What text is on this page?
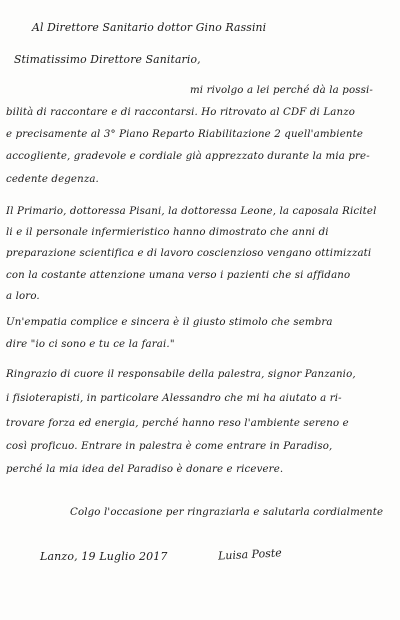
Al Direttore Sanitario dottor Gino Rassini
Stimatissimo Direttore Sanitario,
mi rivolgo a lei perché dà la possi-
bilità di raccontare e di raccontarsi. Ho ritrovato al CDF di Lanzo
e precisamente al 3° Piano Reparto Riabilitazione 2 quell'ambiente
accogliente, gradevole e cordiale già apprezzato durante la mia pre-
cedente degenza.
Il Primario, dottoressa Pisani, la dottoressa Leone, la caposala Ricitel
li e il personale infermieristico hanno dimostrato che anni di
preparazione scientifica e di lavoro coscienzioso vengano ottimizzati
con la costante attenzione umana verso i pazienti che si affidano
a loro.
Un'empatia complice e sincera è il giusto stimolo che sembra
dire "io ci sono e tu ce la farai."
Ringrazio di cuore il responsabile della palestra, signor Panzanio,
i fisioterapisti, in particolare Alessandro che mi ha aiutato a ri-
trovare forza ed energia, perché hanno reso l'ambiente sereno e
così proficuo. Entrare in palestra è come entrare in Paradiso,
perché la mia idea del Paradiso è donare e ricevere.
Colgo l'occasione per ringraziarla e salutarla cordialmente
Lanzo, 19 Luglio 2017	Luisa Poste
